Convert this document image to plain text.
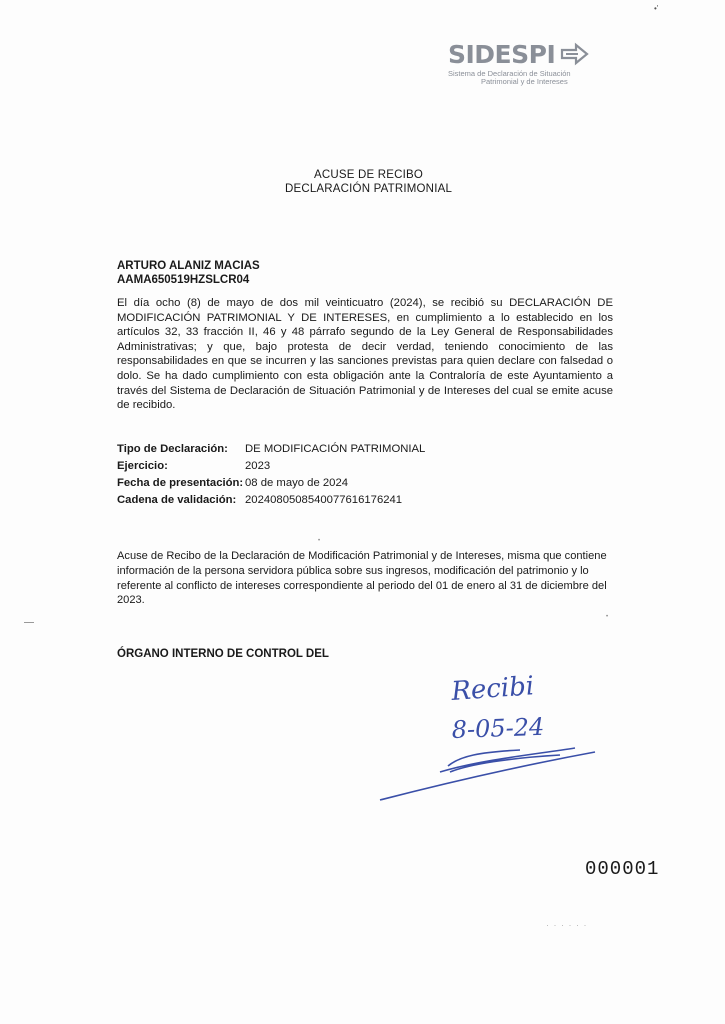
•'
SIDESPI
Sistema de Declaración de Situación
Patrimonial y de Intereses
ACUSE DE RECIBO
DECLARACIÓN PATRIMONIAL
ARTURO ALANIZ MACIAS
AAMA650519HZSLCR04
El día ocho (8) de mayo de dos mil veinticuatro (2024), se recibió su DECLARACIÓN DE MODIFICACIÓN PATRIMONIAL Y DE INTERESES, en cumplimiento a lo establecido en los artículos 32, 33 fracción II, 46 y 48 párrafo segundo de la Ley General de Responsabilidades Administrativas; y que, bajo protesta de decir verdad, teniendo conocimiento de las responsabilidades en que se incurren y las sanciones previstas para quien declare con falsedad o dolo. Se ha dado cumplimiento con esta obligación ante la Contraloría de este Ayuntamiento a través del Sistema de Declaración de Situación Patrimonial y de Intereses del cual se emite acuse de recibido.
Tipo de Declaración:	DE MODIFICACIÓN PATRIMONIAL
Ejercicio:	2023
Fecha de presentación: 08 de mayo de 2024
Cadena de validación: 20240805085400776161762​41
•
Acuse de Recibo de la Declaración de Modificación Patrimonial y de Intereses, misma que contiene información de la persona servidora pública sobre sus ingresos, modificación del patrimonio y lo referente al conflicto de intereses correspondiente al periodo del 01 de enero al 31 de diciembre del 2023.
•
ÓRGANO INTERNO DE CONTROL DEL
Recibi
8-05-24
000001
· · · · · ·
